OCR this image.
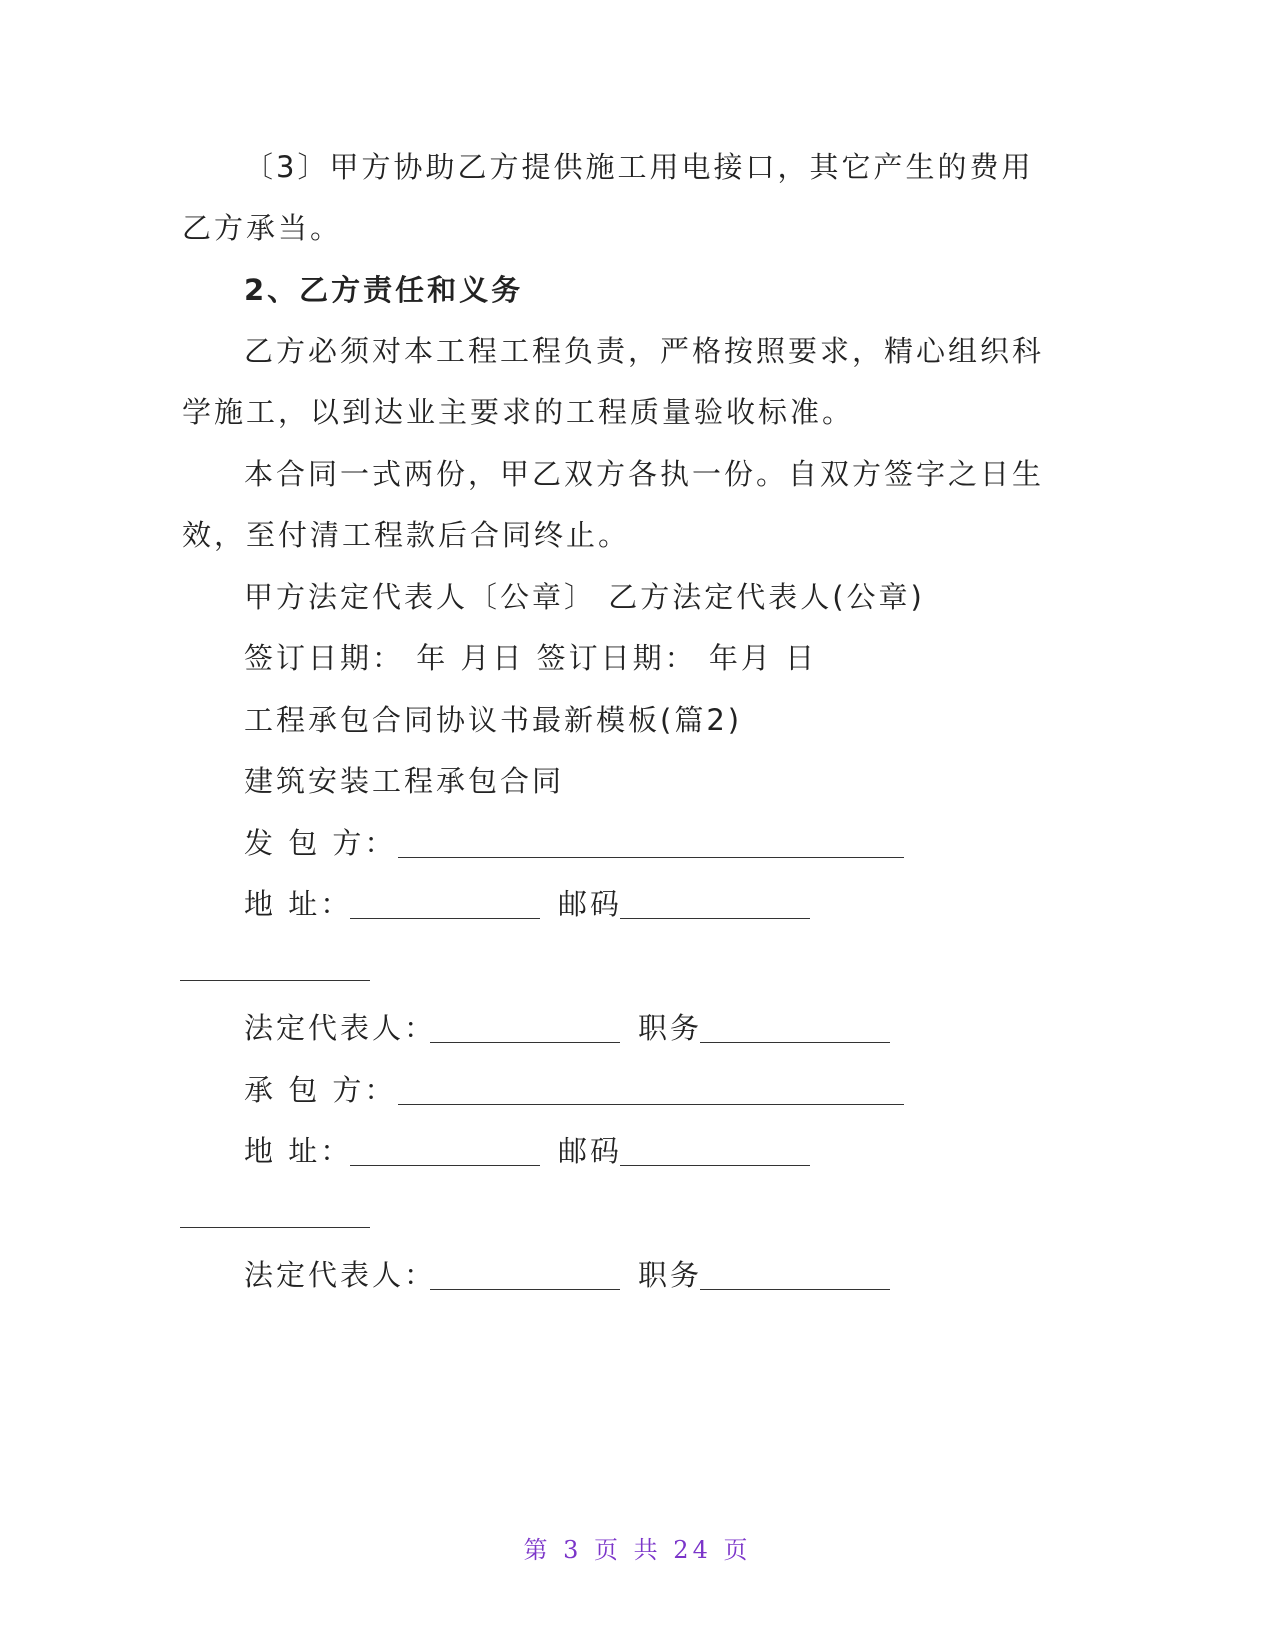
〔3〕甲方协助乙方提供施工用电接口，其它产生的费用
乙方承当。
2、乙方责任和义务
乙方必须对本工程工程负责，严格按照要求，精心组织科
学施工，以到达业主要求的工程质量验收标准。
本合同一式两份，甲乙双方各执一份。自双方签字之日生
效，至付清工程款后合同终止。
甲方法定代表人〔公章〕 乙方法定代表人(公章)
签订日期： 年 月日 签订日期： 年月 日
工程承包合同协议书最新模板(篇2)
建筑安装工程承包合同
发 包 方：
地 址：	邮码
法定代表人：	职务
承 包 方：
地 址：	邮码
法定代表人：	职务
第 3 页 共 24 页
